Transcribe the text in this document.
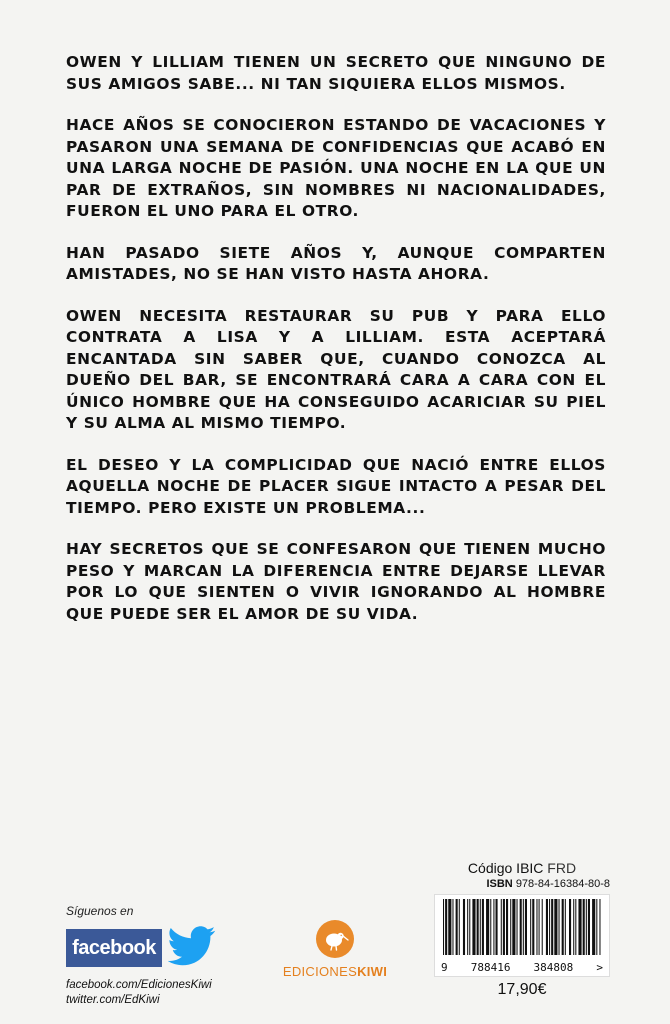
OWEN Y LILLIAM TIENEN UN SECRETO QUE NINGUNO DE SUS AMIGOS SABE... NI TAN SIQUIERA ELLOS MISMOS.

HACE AÑOS SE CONOCIERON ESTANDO DE VACACIONES Y PASARON UNA SEMANA DE CONFIDENCIAS QUE ACABÓ EN UNA LARGA NOCHE DE PASIÓN. UNA NOCHE EN LA QUE UN PAR DE EXTRAÑOS, SIN NOMBRES NI NACIONALIDADES, FUERON EL UNO PARA EL OTRO.

HAN PASADO SIETE AÑOS Y, AUNQUE COMPARTEN AMISTADES, NO SE HAN VISTO HASTA AHORA.

OWEN NECESITA RESTAURAR SU PUB Y PARA ELLO CONTRATA A LISA Y A LILLIAM. ESTA ACEPTARÁ ENCANTADA SIN SABER QUE, CUANDO CONOZCA AL DUEÑO DEL BAR, SE ENCONTRARÁ CARA A CARA CON EL ÚNICO HOMBRE QUE HA CONSEGUIDO ACARICIAR SU PIEL Y SU ALMA AL MISMO TIEMPO.

EL DESEO Y LA COMPLICIDAD QUE NACIÓ ENTRE ELLOS AQUELLA NOCHE DE PLACER SIGUE INTACTO A PESAR DEL TIEMPO. PERO EXISTE UN PROBLEMA...

HAY SECRETOS QUE SE CONFESARON QUE TIENEN MUCHO PESO Y MARCAN LA DIFERENCIA ENTRE DEJARSE LLEVAR POR LO QUE SIENTEN O VIVIR IGNORANDO AL HOMBRE QUE PUEDE SER EL AMOR DE SU VIDA.

Síguenos en
facebook
facebook.com/EdicionesKiwi
twitter.com/EdKiwi
EDICIONESKIWI
Código IBIC FRD
ISBN 978-84-16384-80-8
9 788416 384808 >
17,90€
